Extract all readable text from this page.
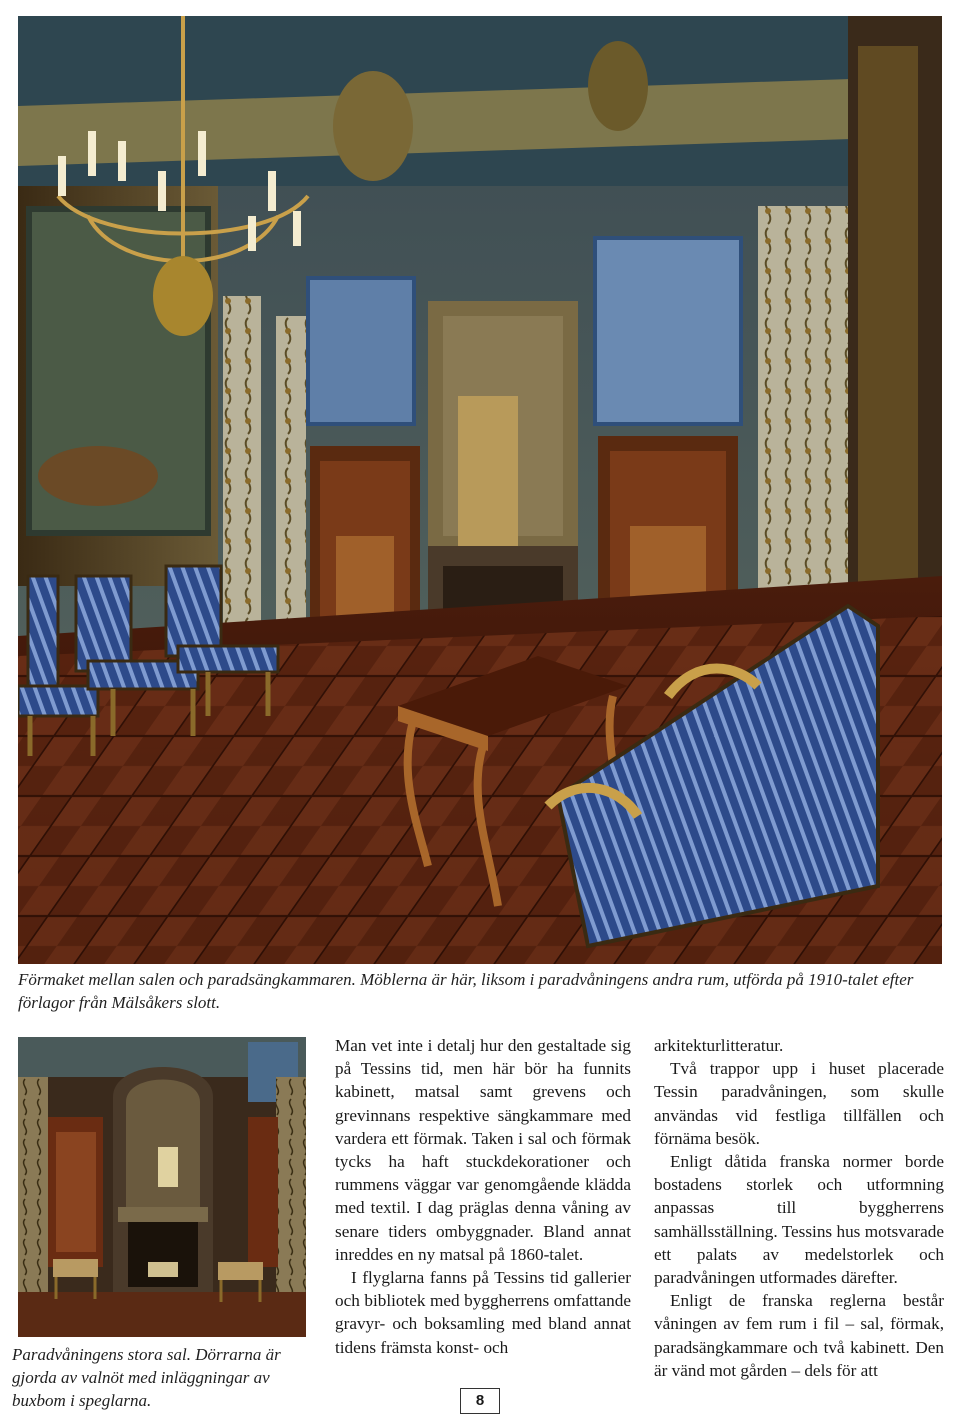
Förmaket mellan salen och paradsängkammaren. Möblerna är här, liksom i paradvåningens andra rum, utförda på 1910-talet efter förlagor från Mälsåkers slott.

Paradvåningens stora sal. Dörrarna är gjorda av valnöt med inläggningar av buxbom i speglarna.

Man vet inte i detalj hur den gestaltade sig på Tessins tid, men här bör ha funnits kabinett, matsal samt grevens och grevinnans respektive sängkammare med vardera ett förmak. Taken i sal och förmak tycks ha haft stuckdekorationer och rummens väggar var genomgående klädda med textil. I dag präglas denna våning av senare tiders ombyggnader. Bland annat inreddes en ny matsal på 1860-talet.

I flyglarna fanns på Tessins tid gallerier och bibliotek med byggherrens omfattande gravyr- och boksamling med bland annat tidens främsta konst- och

arkitekturlitteratur.

Två trappor upp i huset placerade Tessin paradvåningen, som skulle användas vid festliga tillfällen och förnäma besök.

Enligt dåtida franska normer borde bostadens storlek och utformning anpassas till byggherrens samhällsställning. Tessins hus motsvarade ett palats av medelstorlek och paradvåningen utformades därefter.

Enligt de franska reglerna består våningen av fem rum i fil – sal, förmak, paradsängkammare och två kabinett. Den är vänd mot gården – dels för att

8
